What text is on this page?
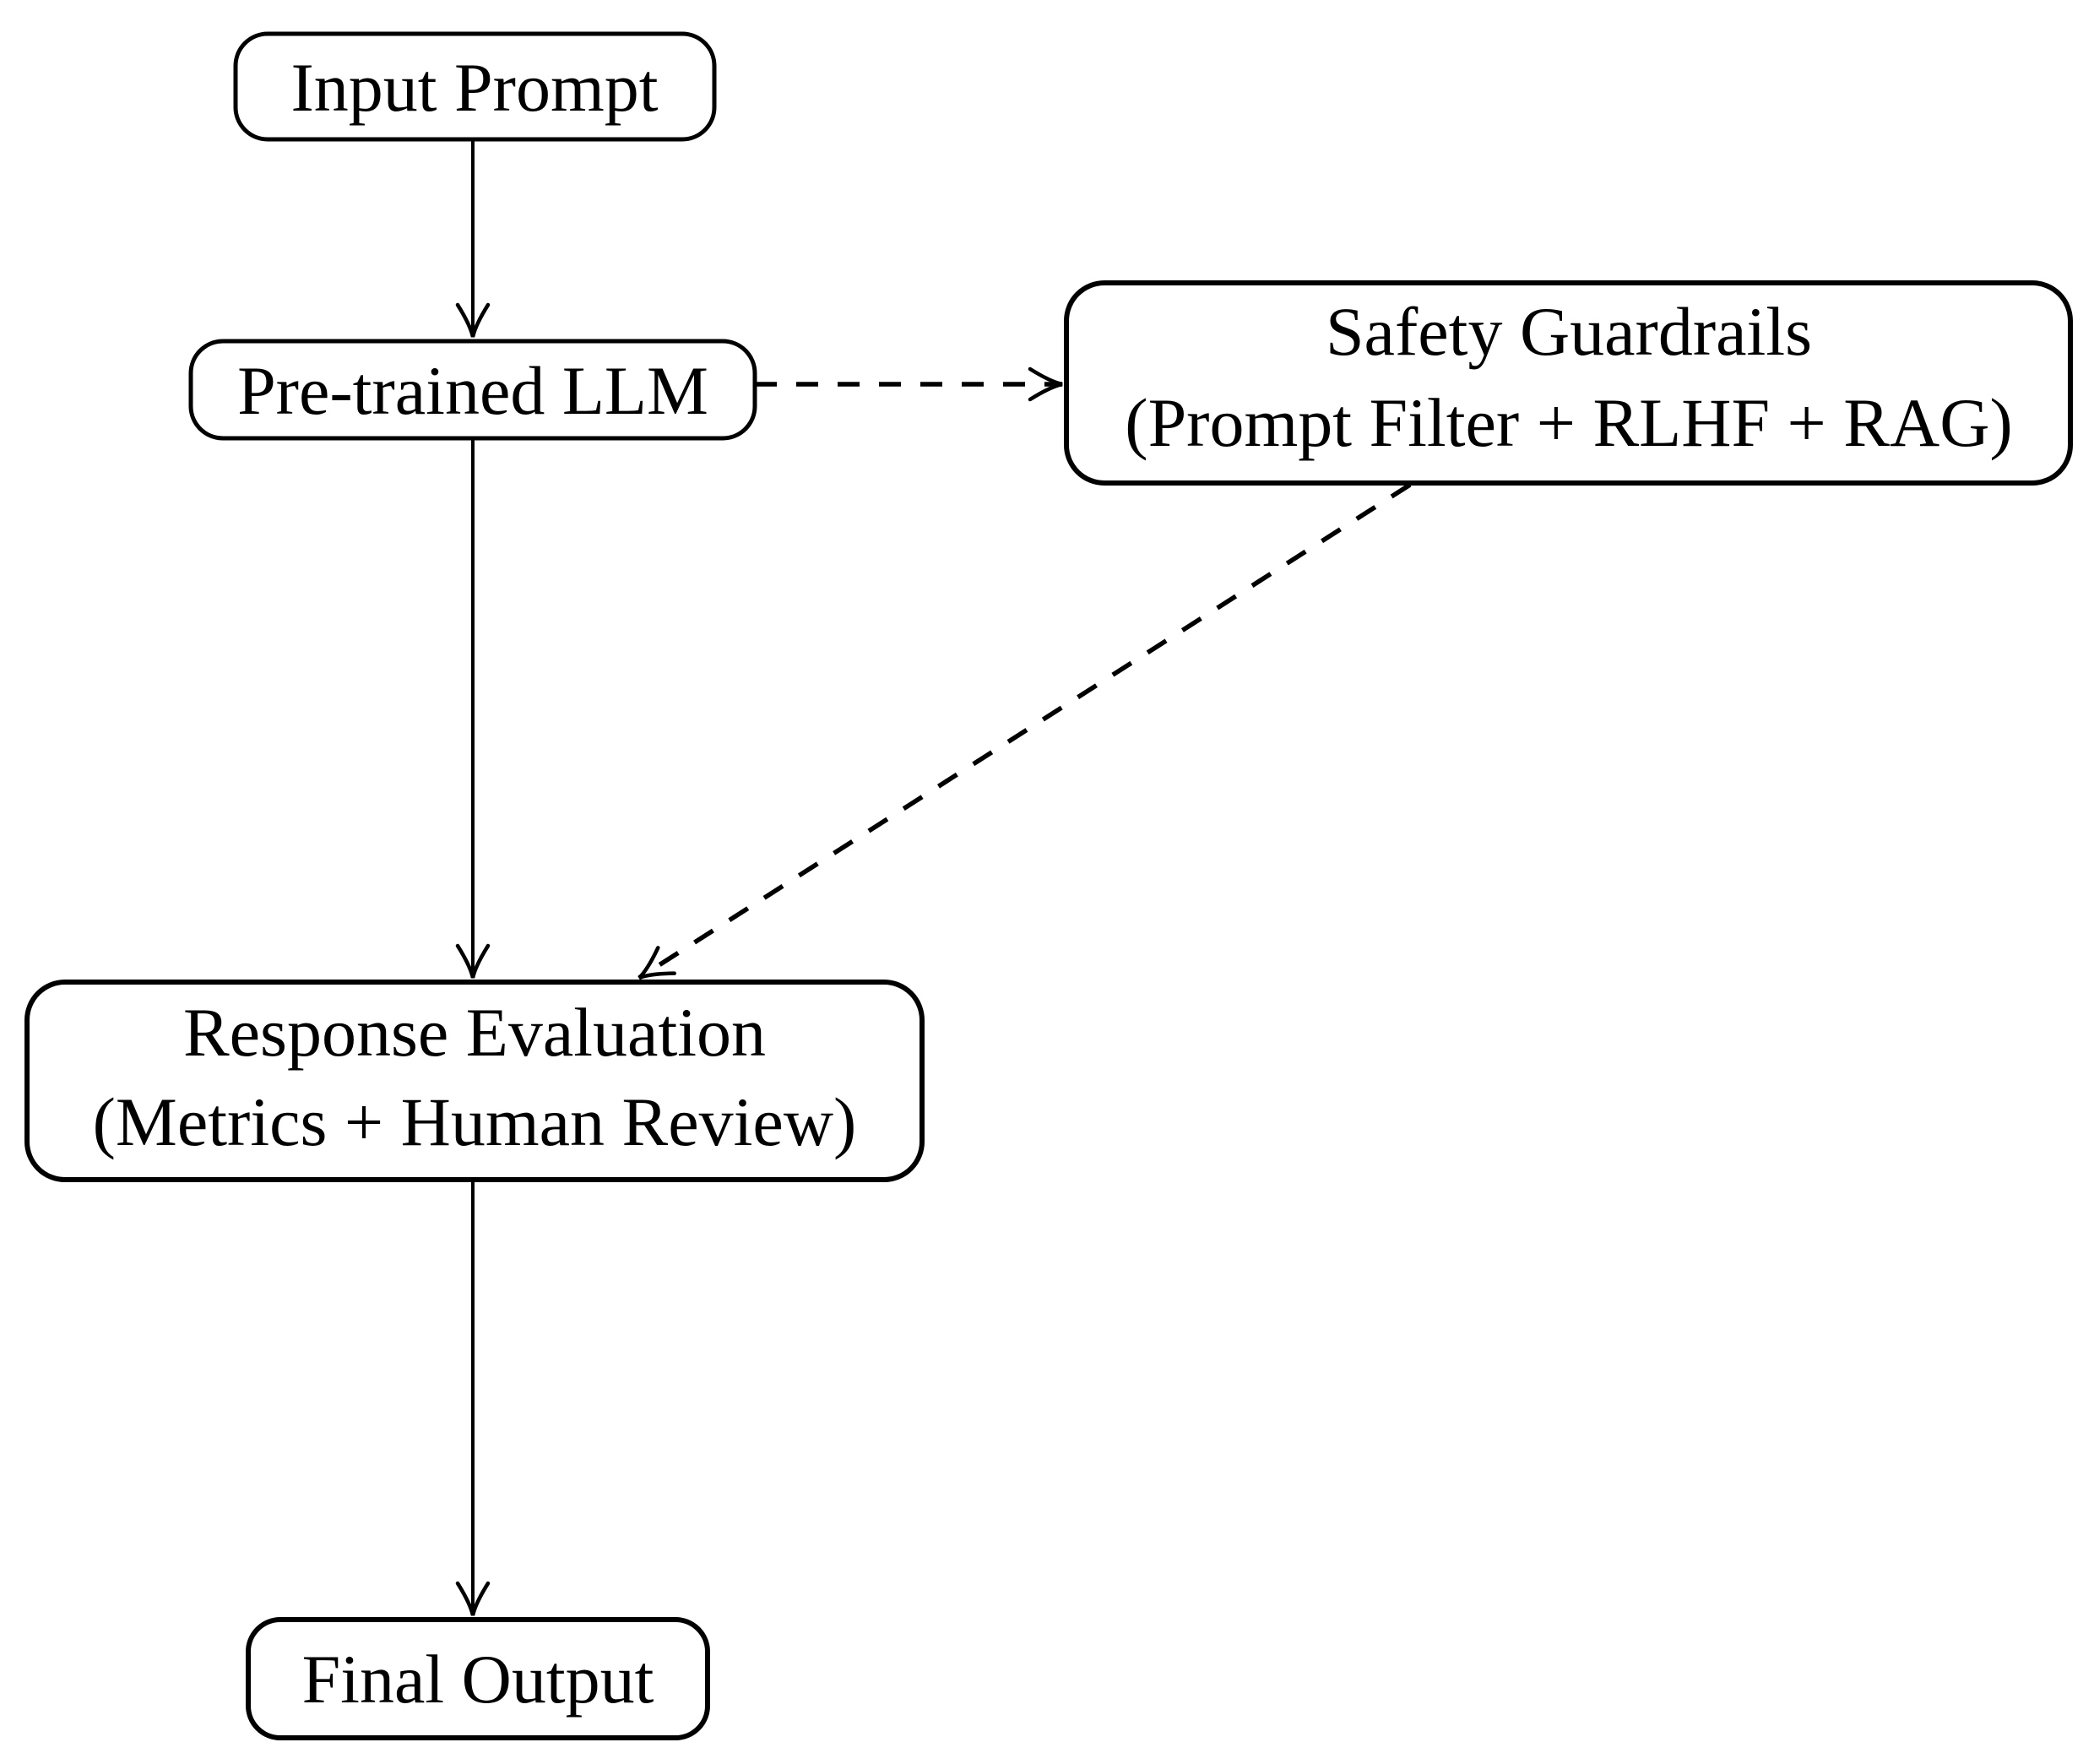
Input Prompt
Pre-trained LLM
Safety Guardrails
(Prompt Filter + RLHF + RAG)
Response Evaluation
(Metrics + Human Review)
Final Output
